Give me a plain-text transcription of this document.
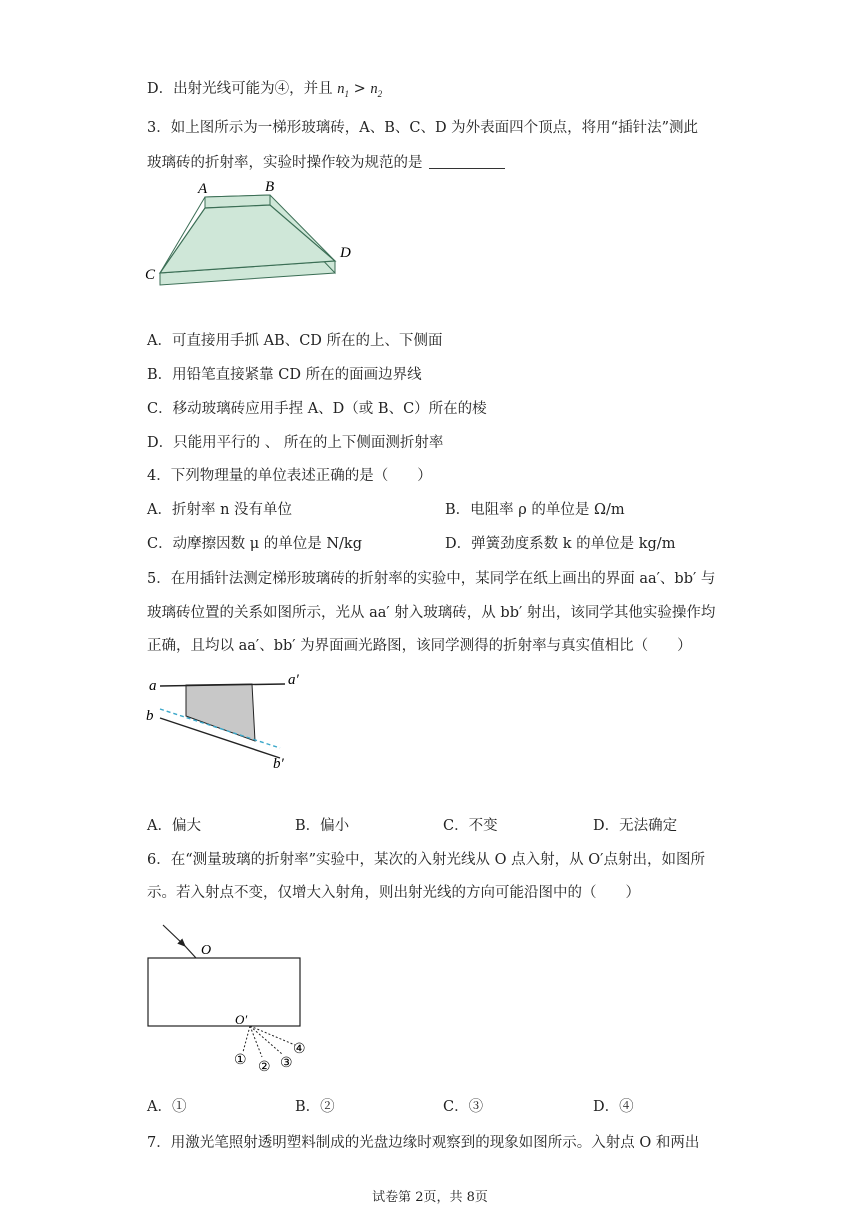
D．出射光线可能为④，并且 $n_1 > n_2$
3．如上图所示为一梯形玻璃砖，A、B、C、D 为外表面四个顶点，将用“插针法”测此
玻璃砖的折射率，实验时操作较为规范的是
A	B
C
D
A．可直接用手抓 AB、CD 所在的上、下侧面
B．用铅笔直接紧靠 CD 所在的面画边界线
C．移动玻璃砖应用手捏 A、D（或 B、C）所在的棱
D．只能用平行的 、 所在的上下侧面测折射率
4．下列物理量的单位表述正确的是（　　）
A．折射率 n 没有单位	B．电阻率 ρ 的单位是 Ω/m
C．动摩擦因数 μ 的单位是 N/kg	D．弹簧劲度系数 k 的单位是 kg/m
5．在用插针法测定梯形玻璃砖的折射率的实验中，某同学在纸上画出的界面 aa′、bb′ 与
玻璃砖位置的关系如图所示，光从 aa′ 射入玻璃砖，从 bb′ 射出，该同学其他实验操作均
正确，且均以 aa′、bb′ 为界面画光路图，该同学测得的折射率与真实值相比（　　）
a	a′
b
b′
A．偏大	B．偏小	C．不变	D．无法确定
6．在“测量玻璃的折射率”实验中，某次的入射光线从 O 点入射，从 O′点射出，如图所
示。若入射点不变，仅增大入射角，则出射光线的方向可能沿图中的（　　）
O
O′
① ② ③
④
A．①	B．②	C．③	D．④
7．用激光笔照射透明塑料制成的光盘边缘时观察到的现象如图所示。入射点 O 和两出
试卷第 2页，共 8页
